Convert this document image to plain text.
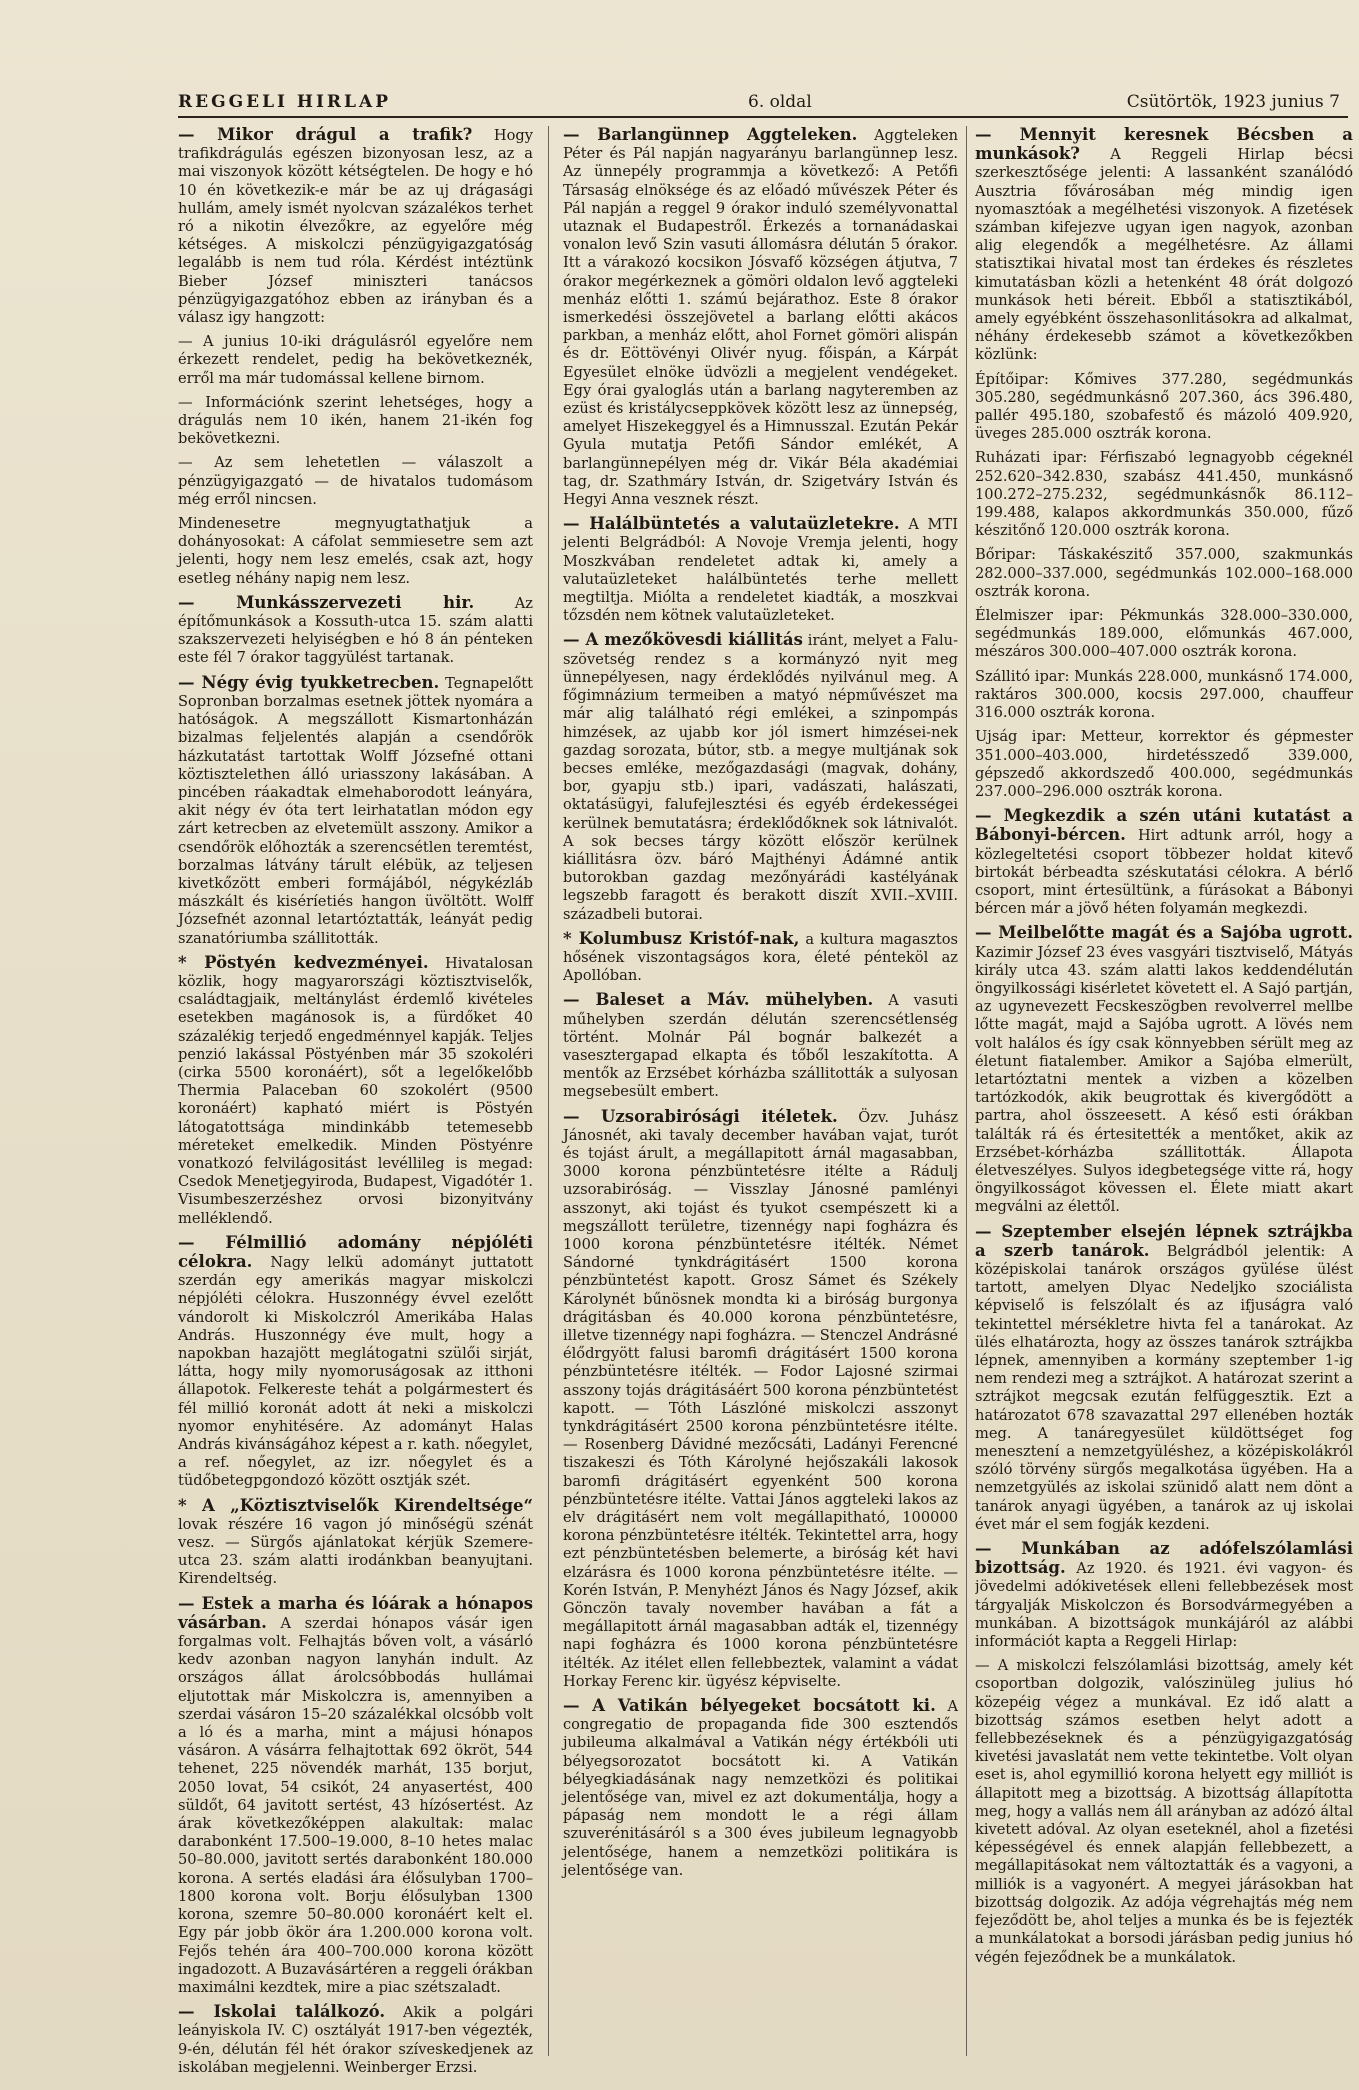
REGGELI HIRLAP	6. oldal	Csütörtök, 1923 junius 7

— Mikor drágul a trafik? Hogy trafikdrágulás egészen bizonyosan lesz, az a mai viszonyok között kétségtelen. De hogy e hó 10 én következik-e már be az uj drágasági hullám, amely ismét nyolcvan százalékos terhet ró a nikotin élvezőkre, az egyelőre még kétséges. A miskolczi pénzügyigazgatóság legalább is nem tud róla. Kérdést intéztünk Bieber József miniszteri tanácsos pénzügyigazgatóhoz ebben az irányban és a válasz igy hangzott:

— A junius 10-iki drágulásról egyelőre nem érkezett rendelet, pedig ha bekövetkeznék, erről ma már tudomással kellene birnom.

— Információnk szerint lehetséges, hogy a drágulás nem 10 ikén, hanem 21-ikén fog bekövetkezni.

— Az sem lehetetlen — válaszolt a pénzügyigazgató — de hivatalos tudomásom még erről nincsen.

Mindenesetre megnyugtathatjuk a dohányosokat: A cáfolat semmiesetre sem azt jelenti, hogy nem lesz emelés, csak azt, hogy esetleg néhány napig nem lesz.

— Munkásszervezeti hir.	Az építőmunkások a Kossuth-utca 15. szám alatti szakszervezeti helyiségben e hó 8 án pénteken este fél 7 órakor taggyülést tartanak.

— Négy évig tyukketrecben. Tegnapelőtt Sopronban borzalmas esetnek jöttek nyomára a hatóságok. A megszállott Kismartonházán bizalmas feljelentés alapján a csendőrök házkutatást tartottak Wolff Józsefné ottani köztisztelethen álló uriasszony lakásában. A pincében ráakadtak elmehaborodott leányára, akit négy év óta tert leirhatatlan módon egy zárt ketrecben az elvetemült asszony. Amikor a csendőrök előhozták a szerencsétlen teremtést, borzalmas látvány tárult elébük, az teljesen kivetkőzött emberi formájából, négykézláb mászkált és kiséríetiés hangon üvöltött. Wolff Józsefnét azonnal letartóztatták, leányát pedig szanatóriumba szállitották.

* Pöstyén kedvezményei. Hivatalosan közlik, hogy magyarországi köztisztviselők, családtagjaik, meltánylást érdemlő kivételes esetekben magánosok is, a fürdőket 40 százalékig terjedő engedménnyel kapják. Teljes penzió lakással Pöstyénben már 35 szokoléri (cirka 5500 koronáért), sőt a legelőkelőbb Thermia Palaceban 60 szokolért (9500 koronáért) kapható miért is Pöstyén látogatottsága mindinkább tetemesebb méreteket emelkedik. Minden Pöstyénre vonatkozó felvilágositást levéllileg is megad: Csedok Menetjegyiroda, Budapest, Vigadótér 1. Visumbeszerzéshez orvosi bizonyitvány melléklendő.

— Félmillió adomány népjóléti célokra. Nagy lelkü adományt juttatott szerdán egy amerikás magyar miskolczi népjóléti célokra. Huszonnégy évvel ezelőtt vándorolt ki Miskolczról Amerikába Halas András. Huszonnégy éve mult, hogy a napokban hazajött meglátogatni szülői sirját, látta, hogy mily nyomoruságosak az itthoni állapotok. Felkereste tehát a polgármestert és fél millió koronát adott át neki a miskolczi nyomor enyhitésére. Az adományt Halas András kivánságához képest a r. kath. nőegylet, a ref. nőegylet, az izr. nőegylet és a tüdőbetegpgondozó között osztják szét.

* A „Köztisztviselők Kirendeltsége“ lovak részére 16 vagon jó minőségü szénát vesz. — Sürgős ajánlatokat kérjük Szemere-utca 23. szám alatti irodánkban beanyujtani. Kirendeltség.

— Estek a marha és lóárak a hónapos vásárban. A szerdai hónapos vásár igen forgalmas volt. Felhajtás bőven volt, a vásárló kedv azonban nagyon lanyhán indult. Az országos állat árolcsóbbodás hullámai eljutottak már Miskolczra is, amennyiben a szerdai vásáron 15–20 százalékkal olcsóbb volt a ló és a marha, mint a májusi hónapos vásáron. A vásárra felhajtottak 692 ökröt, 544 tehenet, 225 növendék marhát, 135 borjut, 2050 lovat, 54 csikót, 24 anyasertést, 400 süldőt, 64 javitott sertést, 43 hízósertést. Az árak következőképpen alakultak: malac darabonként 17.500–19.000, 8–10 hetes malac 50–80.000, javitott sertés darabonként 180.000 korona. A sertés eladási ára élősulyban 1700–1800 korona volt. Borju élősulyban 1300 korona, szemre 50–80.000 koronáért kelt el. Egy pár jobb ökör ára 1.200.000 korona volt. Fejős tehén ára 400–700.000 korona között ingadozott. A Buzavásártéren a reggeli órákban maximálni kezdtek, mire a piac szétszaladt.

— Iskolai találkozó. Akik a polgári leányiskola IV. C) osztályát 1917-ben végezték, 9-én, délután fél hét órakor szíveskedjenek az iskolában megjelenni. Weinberger Erzsi.

— Barlangünnep Aggteleken. Aggteleken Péter és Pál napján nagyarányu barlangünnep lesz. Az ünnepély programmja a következő: A Petőfi Társaság elnöksége és az előadó művészek Péter és Pál napján a reggel 9 órakor induló személyvonattal utaznak el Budapestről. Érkezés a tornanádaskai vonalon levő Szin vasuti állomásra délután 5 órakor. Itt a várakozó kocsikon Jósvafő községen átjutva, 7 órakor megérkeznek a gömöri oldalon levő aggteleki menház előtti 1. számú bejárathoz. Este 8 órakor ismerkedési összejövetel a barlang előtti akácos parkban, a menház előtt, ahol Fornet gömöri alispán és dr. Eöttövényi Olivér nyug. főispán, a Kárpát Egyesület elnöke üdvözli a megjelent vendégeket. Egy órai gyaloglás után a barlang nagyteremben az ezüst és kristálycseppkövek között lesz az ünnepség, amelyet Hiszekeggyel és a Himnusszal. Ezután Pekár Gyula mutatja Petőfi Sándor emlékét, A barlangünnepélyen még dr. Vikár Béla akadémiai tag, dr. Szathmáry István, dr. Szigetváry István és Hegyi Anna vesznek részt.

— Halálbüntetés a valutaüzletekre. A MTI jelenti Belgrádból: A Novoje Vremja jelenti, hogy Moszkvában rendeletet adtak ki, amely a valutaüzleteket halálbüntetés terhe mellett megtiltja. Miólta a rendeletet kiadták, a moszkvai tőzsdén nem kötnek valutaüzleteket.

— A mezőkövesdi kiállitás iránt, melyet a Falu-szövetség rendez s a kormányzó nyit meg ünnepélyesen, nagy érdeklődés nyilvánul meg. A főgimnázium termeiben a matyó népművészet ma már alig található régi emlékei, a szinpompás himzések, az ujabb kor jól ismert himzései-nek gazdag sorozata, bútor, stb. a megye multjának sok becses emléke, mezőgazdasági (magvak, dohány, bor, gyapju stb.) ipari, vadászati, halászati, oktatásügyi, falufejlesztési és egyéb érdekességei kerülnek bemutatásra; érdeklődőknek sok látnivalót. A sok becses tárgy között először kerülnek kiállitásra özv. báró Majthényi Ádámné antik butorokban gazdag mezőnyárádi kastélyának legszebb faragott és berakott diszít XVII.–XVIII. századbeli butorai.

* Kolumbusz Kristóf-nak, a kultura magasztos hősének viszontagságos kora, életé pénteköl az Apollóban.

— Baleset a Máv. mühelyben. A vasuti műhelyben szerdán délután szerencsétlenség történt. Molnár Pál bognár balkezét a vasesztergapad elkapta és tőből leszakította. A mentők az Erzsébet kórházba szállitották a sulyosan megsebesült embert.

— Uzsorabirósági itéletek. Özv. Juhász Jánosnét, aki tavaly december havában vajat, turót és tojást árult, a megállapitott árnál magasabban, 3000 korona pénzbüntetésre itélte a Rádulj uzsorabiróság. — Visszlay Jánosné pamlényi asszonyt, aki tojást és tyukot csempészett ki a megszállott területre, tizennégy napi fogházra és 1000 korona pénzbüntetésre itélték. Német Sándorné tynkdrágitásért 1500 korona pénzbüntetést kapott. Grosz Sámet és Székely Károlynét bűnösnek mondta ki a biróság burgonya drágitásban és 40.000 korona pénzbüntetésre, illetve tizennégy napi fogházra. — Stenczel Andrásné élődrgyött falusi baromfi drágitásért 1500 korona pénzbüntetésre itélték. — Fodor Lajosné szirmai asszony tojás drágitásáért 500 korona pénzbüntetést kapott. — Tóth Lászlóné miskolczi asszonyt tynkdrágitásért 2500 korona pénzbüntetésre itélte. — Rosenberg Dávidné mezőcsáti, Ladányi Ferencné tiszakeszi és Tóth Károlyné hejőszakáli lakosok baromfi drágitásért egyenként 500 korona pénzbüntetésre itélte. Vattai János aggteleki lakos az elv drágitásért nem volt megállapitható, 100000 korona pénzbüntetésre itélték. Tekintettel arra, hogy ezt pénzbüntetésben belemerte, a biróság két havi elzárásra és 1000 korona pénzbüntetésre itélte. — Korén István, P. Menyhézt János és Nagy József, akik Gönczön tavaly november havában a fát a megállapitott árnál magasabban adták el, tizennégy napi fogházra és 1000 korona pénzbüntetésre itélték. Az itélet ellen fellebbeztek, valamint a vádat Horkay Ferenc kir. ügyész képviselte.

— A Vatikán bélyegeket bocsátott ki. A congregatio de propaganda fide 300 esztendős jubileuma alkalmával a Vatikán négy értékbóli uti bélyegsorozatot bocsátott ki. A Vatikán bélyegkiadásának nagy nemzetközi és politikai jelentősége van, mivel ez azt dokumentálja, hogy a pápaság nem mondott le a régi állam szuverénitásáról s a 300 éves jubileum legnagyobb jelentősége, hanem a nemzetközi politikára is jelentősége van.

— Mennyit keresnek Bécsben a munkások? A Reggeli Hirlap bécsi szerkesztősége jelenti: A lassanként szanálódó Ausztria fővárosában még mindig igen nyomasztóak a megélhetési viszonyok. A fizetések számban kifejezve ugyan igen nagyok, azonban alig elegendők a megélhetésre. Az állami statisztikai hivatal most tan érdekes és részletes kimutatásban közli a hetenként 48 órát dolgozó munkások heti béreit. Ebből a statisztikából, amely egyébként összehasonlitásokra ad alkalmat, néhány érdekesebb számot a következőkben közlünk:

Építőipar: Kőmives 377.280, segédmunkás 305.280, segédmunkásnő 207.360, ács 396.480, pallér 495.180, szobafestő és mázoló 409.920, üveges 285.000 osztrák korona.

Ruházati ipar: Férfiszabó legnagyobb cégeknél 252.620–342.830, szabász 441.450, munkásnő 100.272–275.232, segédmunkásnők 86.112–199.488, kalapos akkordmunkás 350.000, fűző készitőnő 120.000 osztrák korona.

Bőripar: Táskakészitő 357.000, szakmunkás 282.000–337.000, segédmunkás 102.000–168.000 osztrák korona.

Élelmiszer ipar: Pékmunkás 328.000–330.000, segédmunkás 189.000, előmunkás 467.000, mészáros 300.000–407.000 osztrák korona.

Szállitó ipar: Munkás 228.000, munkásnő 174.000, raktáros 300.000, kocsis 297.000, chauffeur 316.000 osztrák korona.

Ujság ipar: Metteur, korrektor és gépmester 351.000–403.000, hirdetésszedő 339.000, gépszedő akkordszedő 400.000, segédmunkás 237.000–296.000 osztrák korona.

— Megkezdik a szén utáni kutatást a Bábonyi-bércen. Hirt adtunk arról, hogy a közlegeltetési csoport többezer holdat kitevő birtokát bérbeadta széskutatási célokra. A bérlő csoport, mint értesültünk, a fúrásokat a Bábonyi bércen már a jövő héten folyamán megkezdi.

— Meilbelőtte magát és a Sajóba ugrott. Kazimir József 23 éves vasgyári tisztviselő, Mátyás király utca 43. szám alatti lakos keddendélután öngyilkossági kisérletet követett el. A Sajó partján, az ugynevezett Fecskeszögben revolverrel mellbe lőtte magát, majd a Sajóba ugrott. A lövés nem volt halálos és így csak könnyebben sérült meg az életunt fiatalember. Amikor a Sajóba elmerült, letartóztatni mentek a vizben a közelben tartózkodók, akik beugrottak és kivergődött a partra, ahol összeesett. A késő esti órákban találták rá és értesitették a mentőket, akik az Erzsébet-kórházba szállitották. Állapota életveszélyes. Sulyos idegbetegsége vitte rá, hogy öngyilkosságot kövessen el. Élete miatt akart megválni az élettől.

— Szeptember elsején lépnek sztrájkba a szerb tanárok. Belgrádból jelentik: A középiskolai tanárok országos gyülése ülést tartott, amelyen Dlyac Nedeljko szociálista képviselő is felszólalt és az ifjuságra való tekintettel mérsékletre hivta fel a tanárokat. Az ülés elhatározta, hogy az összes tanárok sztrájkba lépnek, amennyiben a kormány szeptember 1-ig nem rendezi meg a sztrájkot. A határozat szerint a sztrájkot megcsak ezután felfüggesztik. Ezt a határozatot 678 szavazattal 297 ellenében hozták meg. A tanáregyesület küldöttséget fog menesztení a nemzetgyüléshez, a középiskolákról szóló törvény sürgős megalkotása ügyében. Ha a nemzetgyülés az iskolai szünidő alatt nem dönt a tanárok anyagi ügyében, a tanárok az uj iskolai évet már el sem fogják kezdeni.

— Munkában az adófelszólamlási bizottság. Az 1920. és 1921. évi vagyon- és jövedelmi adókivetések elleni fellebbezések most tárgyalják Miskolczon és Borsodvármegyében a munkában. A bizottságok munkájáról az alábbi információt kapta a Reggeli Hirlap:

— A miskolczi felszólamlási bizottság, amely két csoportban dolgozik, valószinüleg julius hó közepéig végez a munkával. Ez idő alatt a bizottság számos esetben helyt adott a fellebbezéseknek és a pénzügyigazgatóság kivetési javaslatát nem vette tekintetbe. Volt olyan eset is, ahol egymillió korona helyett egy milliót is állapitott meg a bizottság. A bizottság állapította meg, hogy a vallás nem áll arányban az adózó által kivetett adóval. Az olyan eseteknél, ahol a fizetési képességével és ennek alapján fellebbezett, a megállapitásokat nem változtatták és a vagyoni, a milliók is a vagyonért. A megyei járásokban hat bizottság dolgozik. Az adója végrehajtás még nem fejeződött be, ahol teljes a munka és be is fejezték a munkálatokat a borsodi járásban pedig junius hó végén fejeződnek be a munkálatok.
